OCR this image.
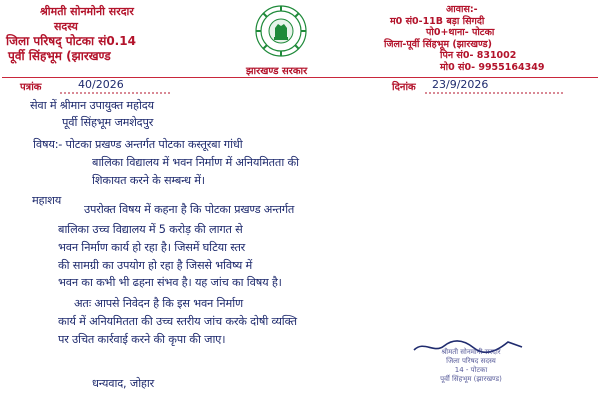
श्रीमती सोनमोनी सरदार
सदस्य
जिला परिषद् पोटका सं0.14
पूर्वी सिंहभूम (झारखण्ड
झारखण्ड सरकार
आवास:-
म0 सं0-11B बड़ा सिगदी
पो0+थाना- पोटका
जिला-पूर्वी सिंहभूम (झारखण्ड)
पिन सं0- 831002
मो0 सं0- 9955164349
पत्रांक	40/2026	दिनांक 23/9/2026
सेवा में श्रीमान उपायुक्त महोदय
पूर्वी सिंहभूम जमशेदपुर
विषय:- पोटका प्रखण्ड अन्तर्गत पोटका कस्तूरबा गांधी
बालिका विद्यालय में भवन निर्माण में अनियमितता की
शिकायत करने के सम्बन्ध में।
महाशय
उपरोक्त विषय में कहना है कि पोटका प्रखण्ड अन्तर्गत
बालिका उच्च विद्यालय में 5 करोड़ की लागत से
भवन निर्माण कार्य हो रहा है। जिसमें घटिया स्तर
की सामग्री का उपयोग हो रहा है जिससे भविष्य में
भवन का कभी भी ढहना संभव है। यह जांच का विषय है।
अतः आपसे निवेदन है कि इस भवन निर्माण
कार्य में अनियमितता की उच्च स्तरीय जांच करके दोषी व्यक्ति
पर उचित कार्रवाई करने की कृपा की जाए।
धन्यवाद, जोहार
श्रीमती सोनमोनी सरदार
जिला परिषद सदस्य
14 - पोटका
पूर्वी सिंहभूम (झारखण्ड)
